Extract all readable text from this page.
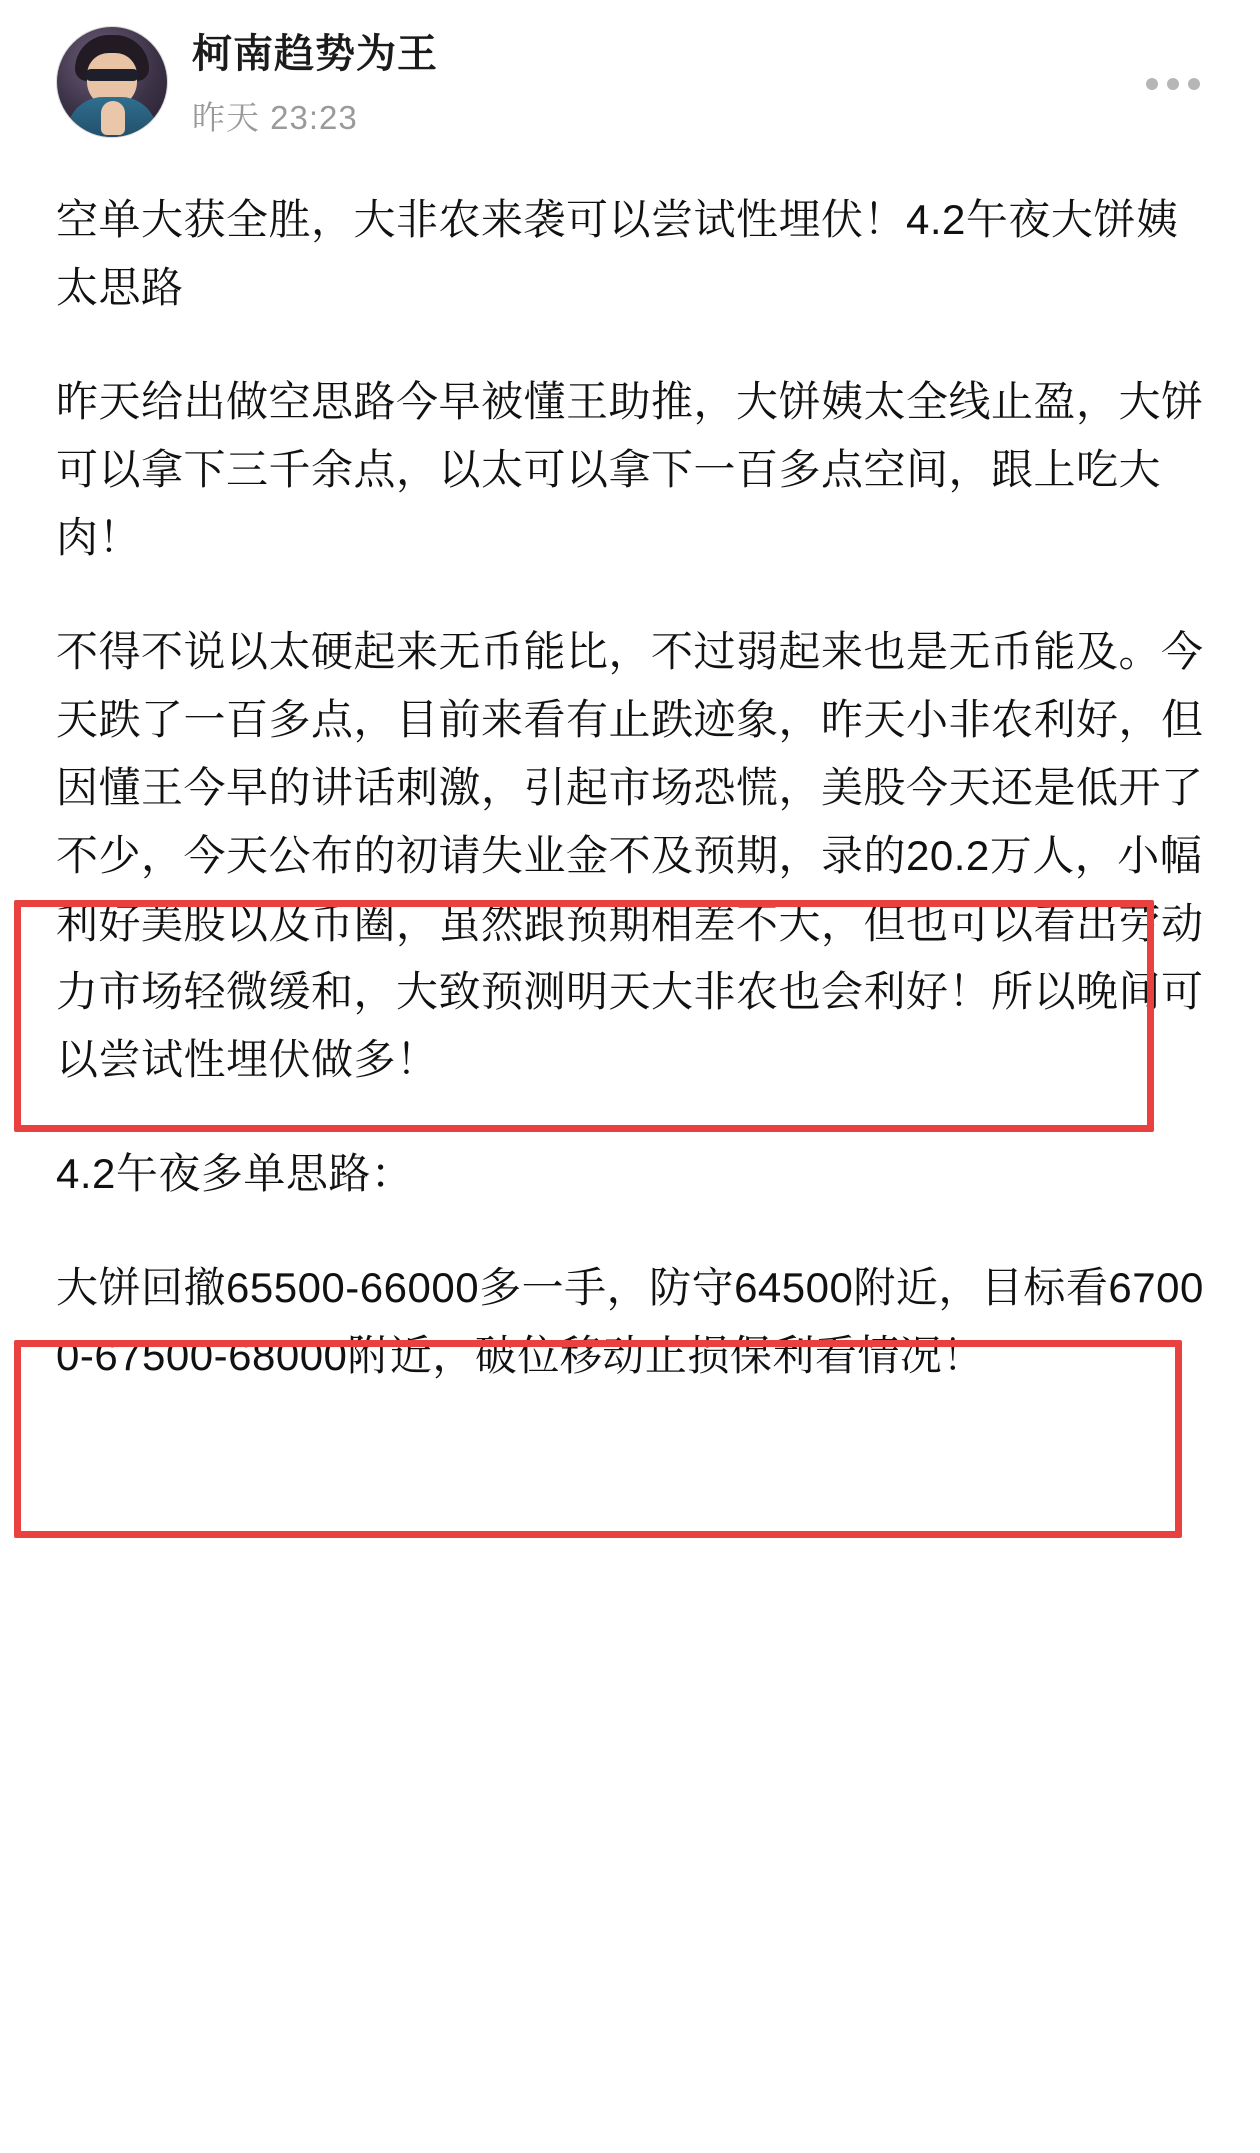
柯南趋势为王
昨天 23:23

空单大获全胜，大非农来袭可以尝试性埋伏！4.2午夜大饼姨太思路

昨天给出做空思路今早被懂王助推，大饼姨太全线止盈，大饼可以拿下三千余点，以太可以拿下一百多点空间，跟上吃大肉！

不得不说以太硬起来无币能比，不过弱起来也是无币能及。今天跌了一百多点，目前来看有止跌迹象，昨天小非农利好，但因懂王今早的讲话刺激，引起市场恐慌，美股今天还是低开了不少，今天公布的初请失业金不及预期，录的20.2万人，小幅利好美股以及币圈，虽然跟预期相差不大，但也可以看出劳动力市场轻微缓和，大致预测明天大非农也会利好！所以晚间可以尝试性埋伏做多！

4.2午夜多单思路：

大饼回撤65500-66000多一手，防守64500附近，目标看67000-67500-68000附近，破位移动止损保利看情况！
